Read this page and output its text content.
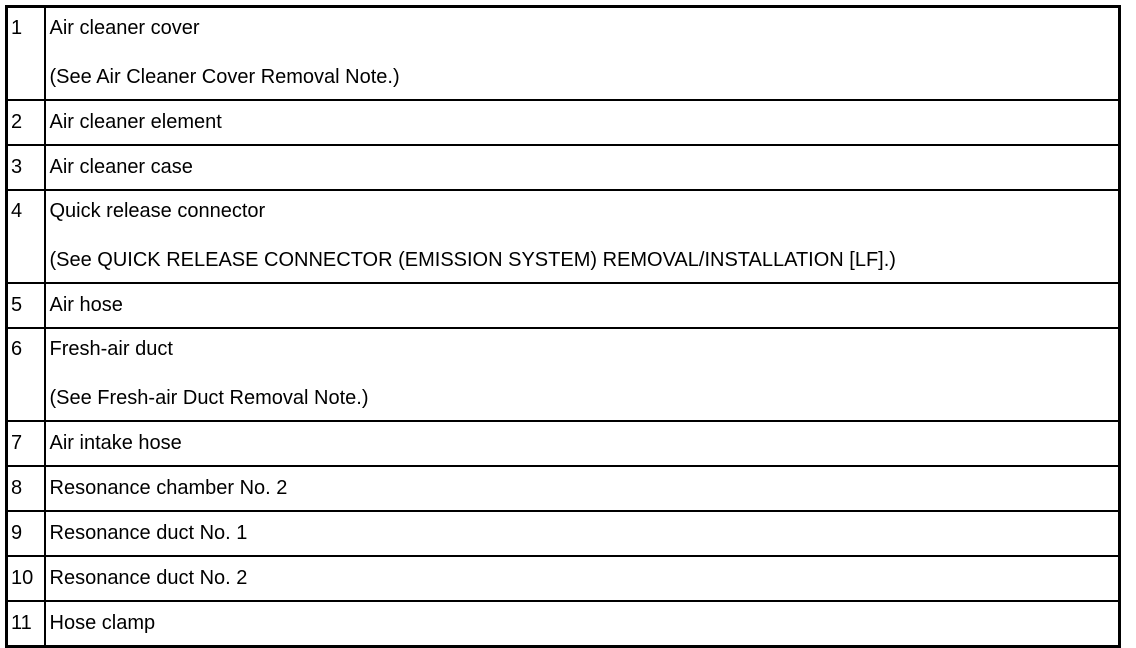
1	Air cleaner cover
(See Air Cleaner Cover Removal Note.)

2	Air cleaner element

3	Air cleaner case

4	Quick release connector
(See QUICK RELEASE CONNECTOR (EMISSION SYSTEM) REMOVAL/INSTALLATION [LF].)

5	Air hose

6	Fresh-air duct
(See Fresh-air Duct Removal Note.)

7	Air intake hose

8	Resonance chamber No. 2

9	Resonance duct No. 1

10	Resonance duct No. 2

11	Hose clamp
